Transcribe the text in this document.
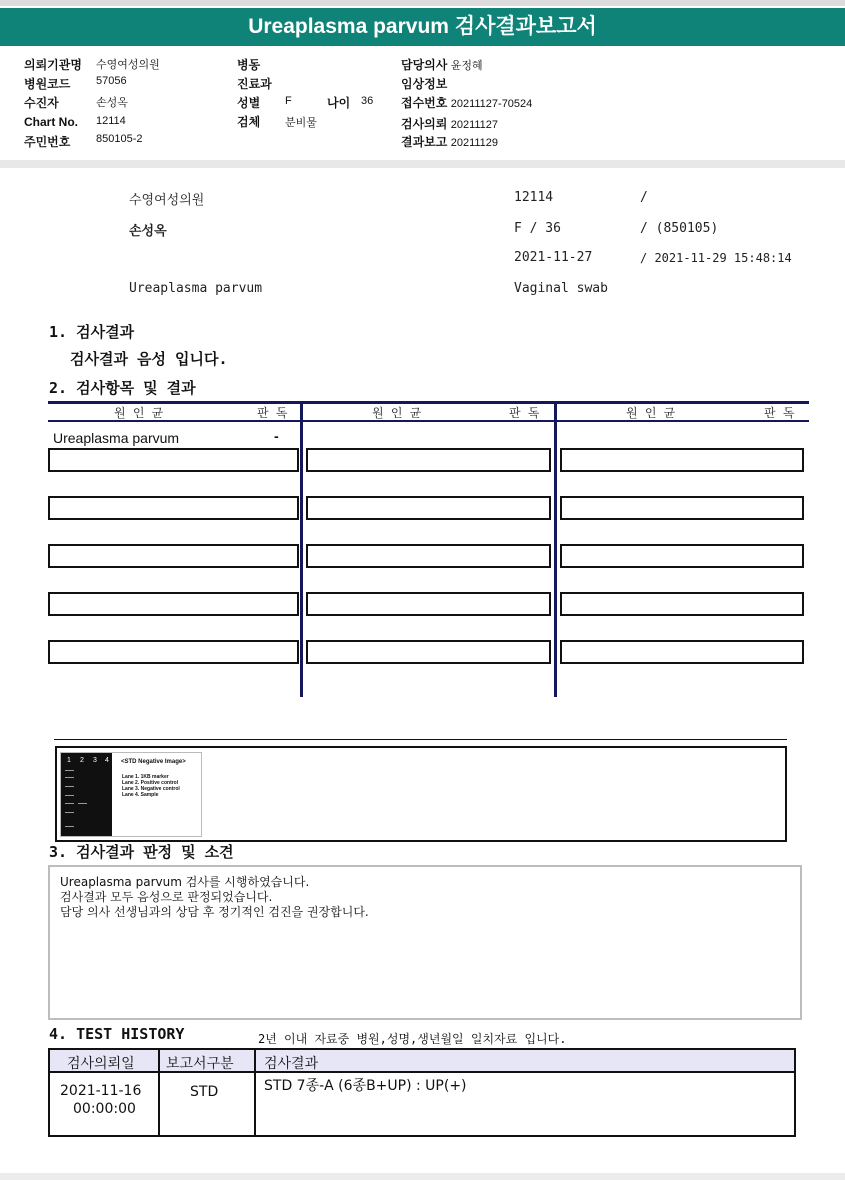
Ureaplasma parvum 검사결과보고서
의뢰기관명 수영여성의원
병원코드 57056
수진자	손성옥
Chart No. 12114
주민번호 850105-2
병동
진료과
성별 F	나이 36
검체 분비물
담당의사 윤정혜
임상정보
접수번호 20211127-70524
검사의뢰 20211127
결과보고 20211129
수영여성의원	12114	/
손성옥	F / 36	/ (850105)
2021-11-27	/ 2021-11-29 15:48:14
Ureaplasma parvum	Vaginal swab
1. 검사결과
검사결과 음성 입니다.
2. 검사항목 및 결과
원 인 균	판 독	원 인 균	판 독	원 인 균	판 독
Ureaplasma parvum	-
1 2 3 4 <STD Negative Image>
Lane 1. 1KB marker
Lane 2. Positive control
Lane 3. Negative control
Lane 4. Sample
3. 검사결과 판정 및 소견
Ureaplasma parvum 검사를 시행하였습니다.
검사결과 모두 음성으로 판정되었습니다.
담당 의사 선생님과의 상담 후 정기적인 검진을 권장합니다.
4. TEST HISTORY	2년 이내 자료중 병원,성명,생년월일 일치자료 입니다.
검사의뢰일 보고서구분 검사결과
2021-11-16
00:00:00
STD	STD 7종-A (6종B+UP) : UP(+)
